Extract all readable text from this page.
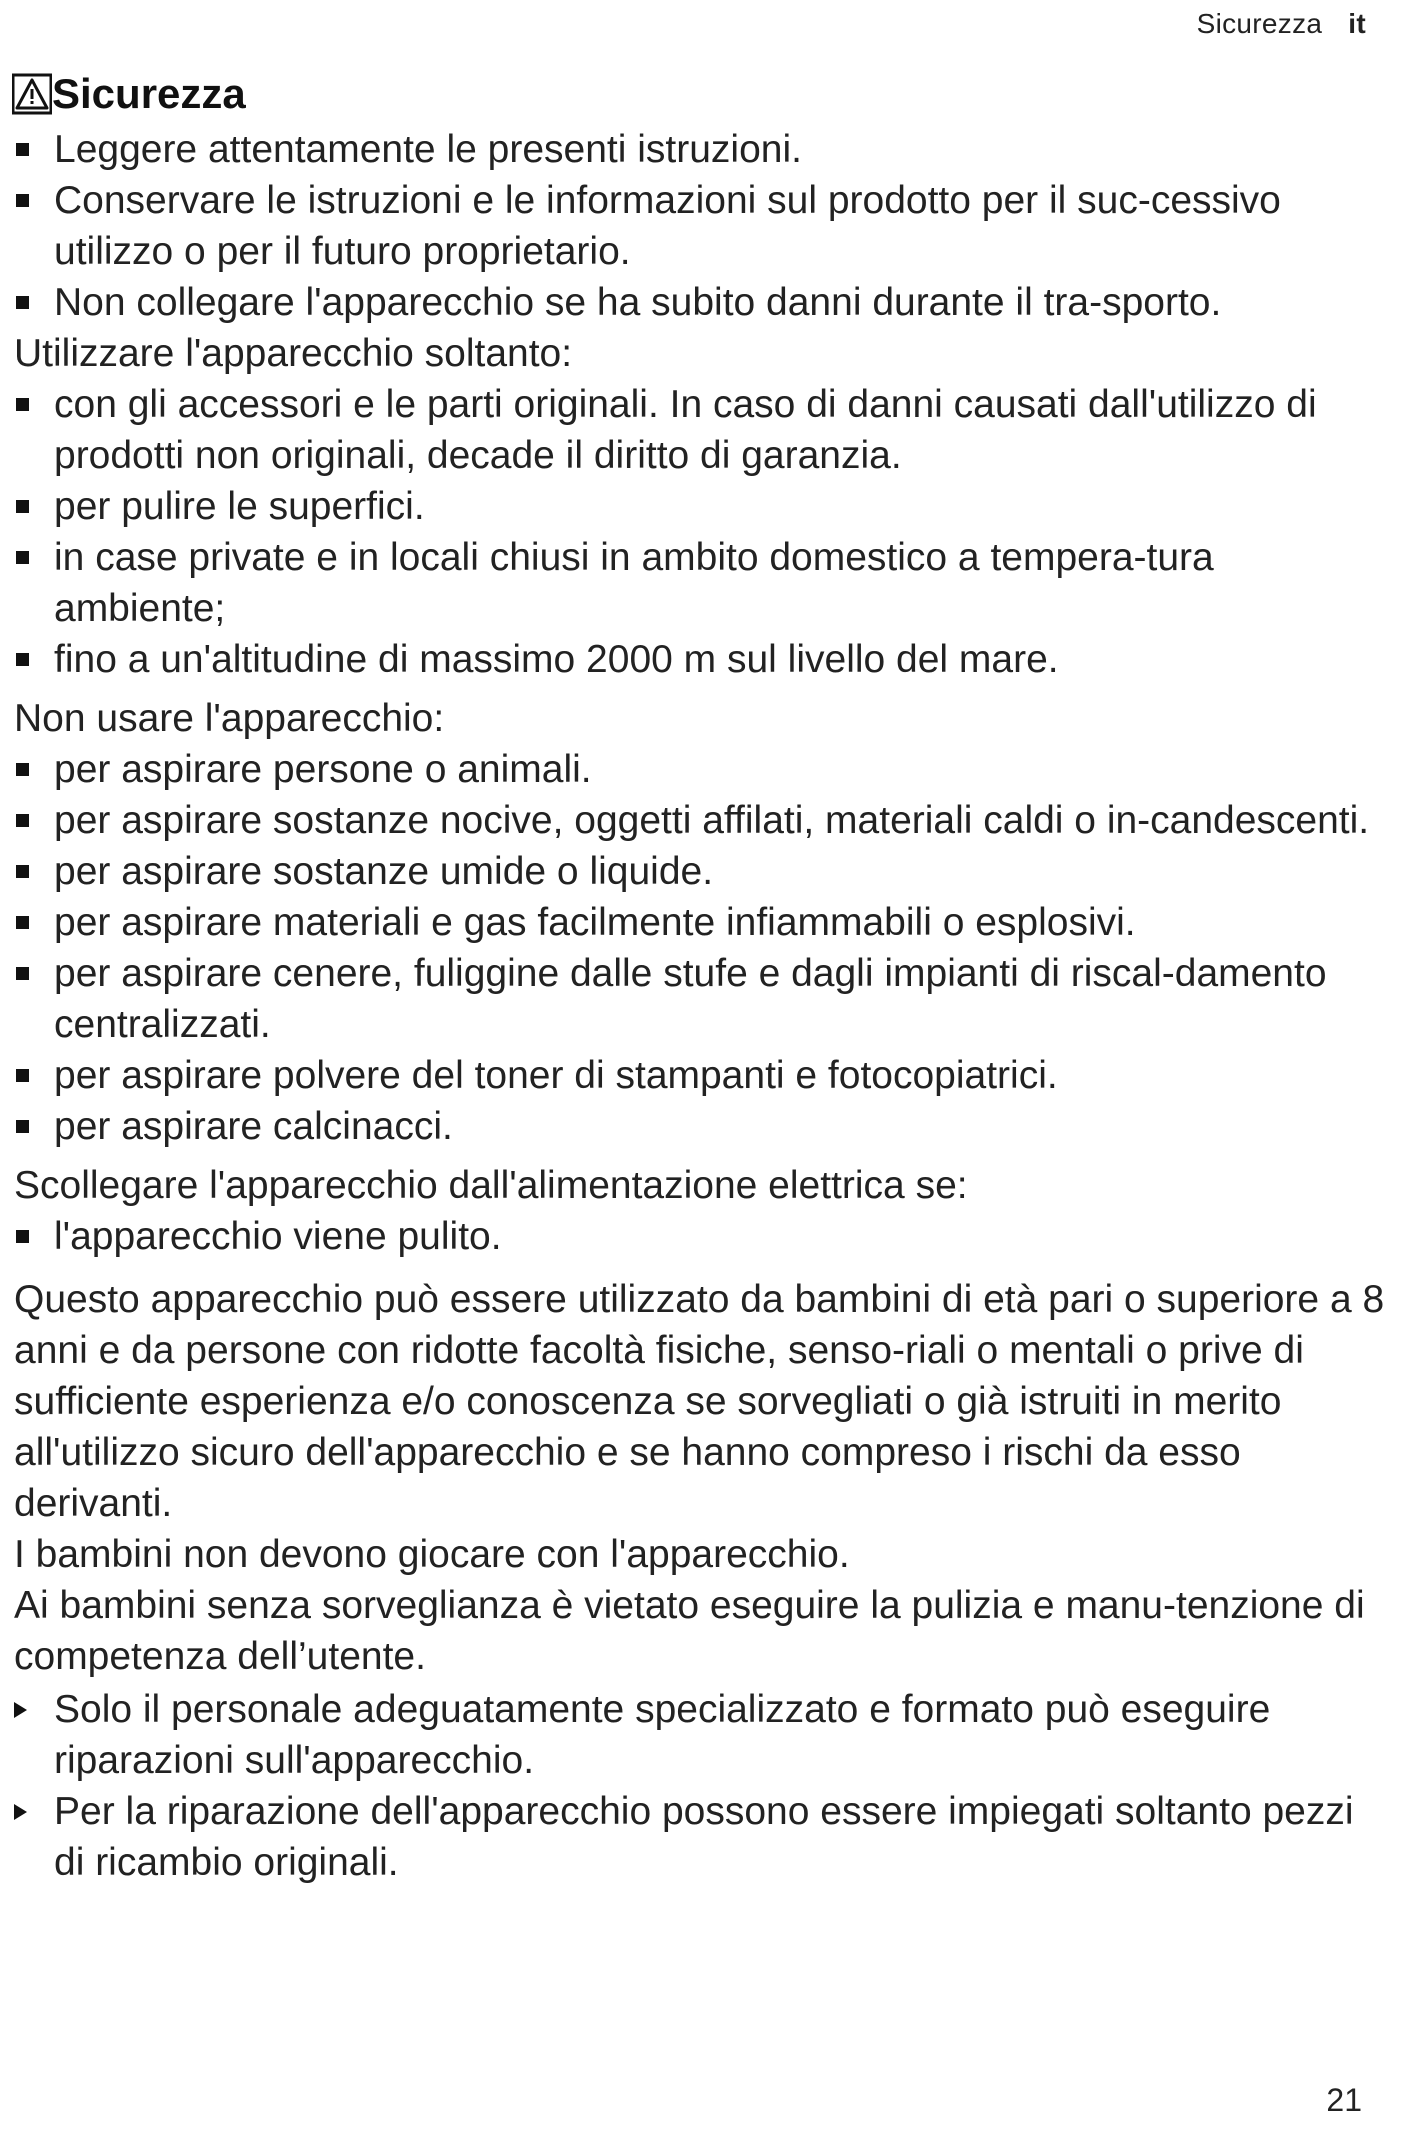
Sicurezza it
Sicurezza
Leggere attentamente le presenti istruzioni.
Conservare le istruzioni e le informazioni sul prodotto per il suc-cessivo utilizzo o per il futuro proprietario.
Non collegare l'apparecchio se ha subito danni durante il tra-sporto.

Utilizzare l'apparecchio soltanto:

con gli accessori e le parti originali. In caso di danni causati dall'utilizzo di prodotti non originali, decade il diritto di garanzia.
per pulire le superfici.
in case private e in locali chiusi in ambito domestico a tempera-tura ambiente;
fino a un'altitudine di massimo 2000 m sul livello del mare.

Non usare l'apparecchio:

per aspirare persone o animali.
per aspirare sostanze nocive, oggetti affilati, materiali caldi o in-candescenti.
per aspirare sostanze umide o liquide.
per aspirare materiali e gas facilmente infiammabili o esplosivi.
per aspirare cenere, fuliggine dalle stufe e dagli impianti di riscal-damento centralizzati.
per aspirare polvere del toner di stampanti e fotocopiatrici.
per aspirare calcinacci.

Scollegare l'apparecchio dall'alimentazione elettrica se:

l'apparecchio viene pulito.

Questo apparecchio può essere utilizzato da bambini di età pari o superiore a 8 anni e da persone con ridotte facoltà fisiche, senso-riali o mentali o prive di sufficiente esperienza e/o conoscenza se sorvegliati o già istruiti in merito all'utilizzo sicuro dell'apparecchio e se hanno compreso i rischi da esso derivanti.

I bambini non devono giocare con l'apparecchio.

Ai bambini senza sorveglianza è vietato eseguire la pulizia e manu-tenzione di competenza dell’utente.

Solo il personale adeguatamente specializzato e formato può eseguire riparazioni sull'apparecchio.
Per la riparazione dell'apparecchio possono essere impiegati soltanto pezzi di ricambio originali.
21
